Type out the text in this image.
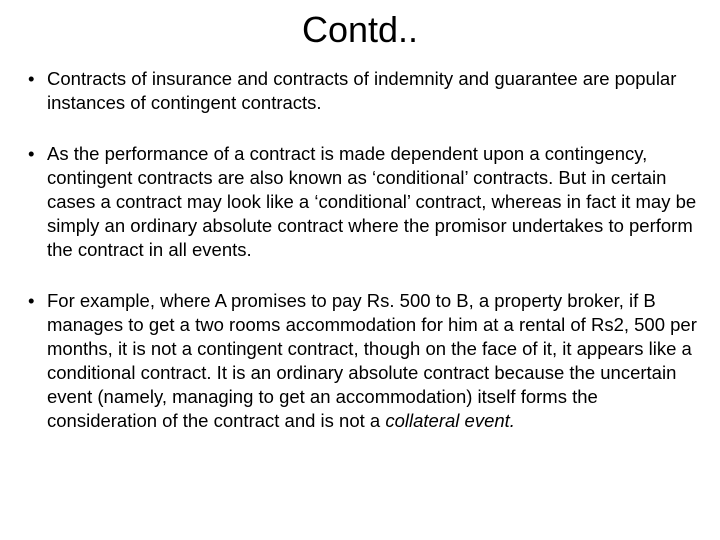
Contd..
• Contracts of insurance and contracts of indemnity and guarantee are popular instances of contingent contracts.
• As the performance of a contract is made dependent upon a contingency, contingent contracts are also known as ‘conditional’ contracts. But in certain cases a contract may look like a ‘conditional’ contract, whereas in fact it may be simply an ordinary absolute contract where the promisor undertakes to perform the contract in all events.
• For example, where A promises to pay Rs. 500 to B, a property broker, if B manages to get a two rooms accommodation for him at a rental of Rs2, 500 per months, it is not a contingent contract, though on the face of it, it appears like a conditional contract. It is an ordinary absolute contract because the uncertain event (namely, managing to get an accommodation) itself forms the consideration of the contract and is not a collateral event.
